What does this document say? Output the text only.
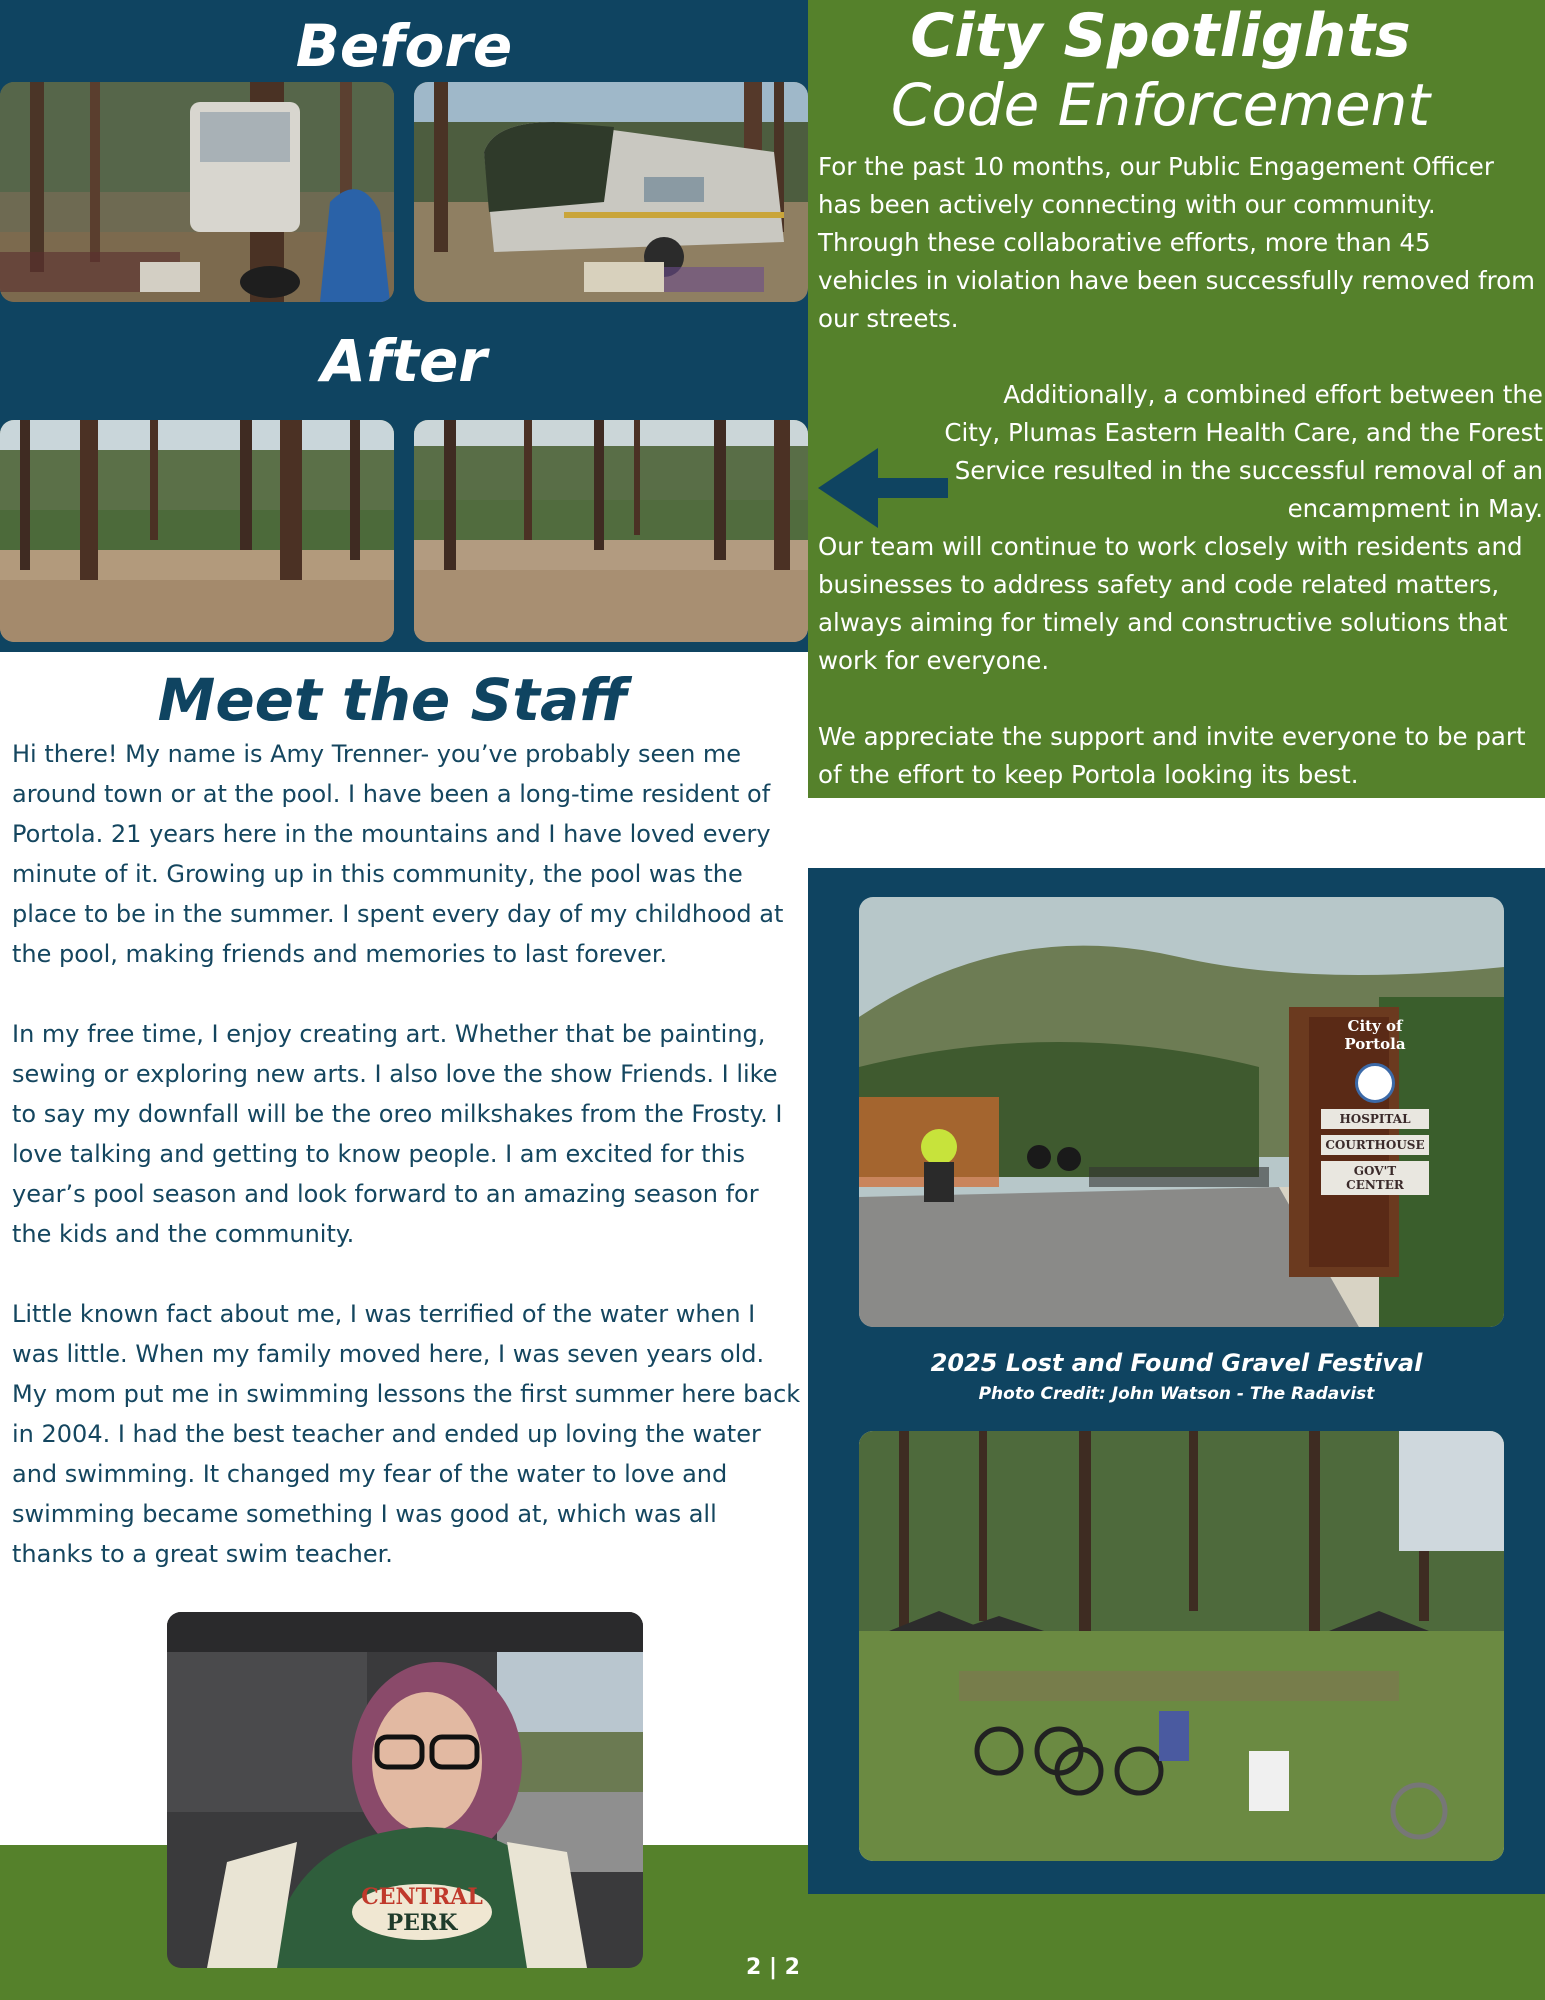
Before
After
City Spotlights
Code Enforcement

For the past 10 months, our Public Engagement Officer has been actively connecting with our community. Through these collaborative efforts, more than 45 vehicles in violation have been successfully removed from our streets.

Additionally, a combined effort between the City, Plumas Eastern Health Care, and the Forest Service resulted in the successful removal of an encampment in May.

Our team will continue to work closely with residents and businesses to address safety and code related matters, always aiming for timely and constructive solutions that work for everyone.

We appreciate the support and invite everyone to be part of the effort to keep Portola looking its best.

Meet the Staff

Hi there! My name is Amy Trenner- you’ve probably seen me around town or at the pool. I have been a long-time resident of Portola. 21 years here in the mountains and I have loved every minute of it. Growing up in this community, the pool was the place to be in the summer. I spent every day of my childhood at the pool, making friends and memories to last forever.

In my free time, I enjoy creating art. Whether that be painting, sewing or exploring new arts. I also love the show Friends. I like to say my downfall will be the oreo milkshakes from the Frosty. I love talking and getting to know people. I am excited for this year’s pool season and look forward to an amazing season for the kids and the community.

Little known fact about me, I was terrified of the water when I was little. When my family moved here, I was seven years old. My mom put me in swimming lessons the first summer here back in 2004. I had the best teacher and ended up loving the water and swimming. It changed my fear of the water to love and swimming became something I was good at, which was all thanks to a great swim teacher.

CENTRAL
PERK
City of Portola
HOSPITAL
COURTHOUSE
GOV'T CENTER
2025 Lost and Found Gravel Festival
Photo Credit: John Watson - The Radavist
2 | 2
